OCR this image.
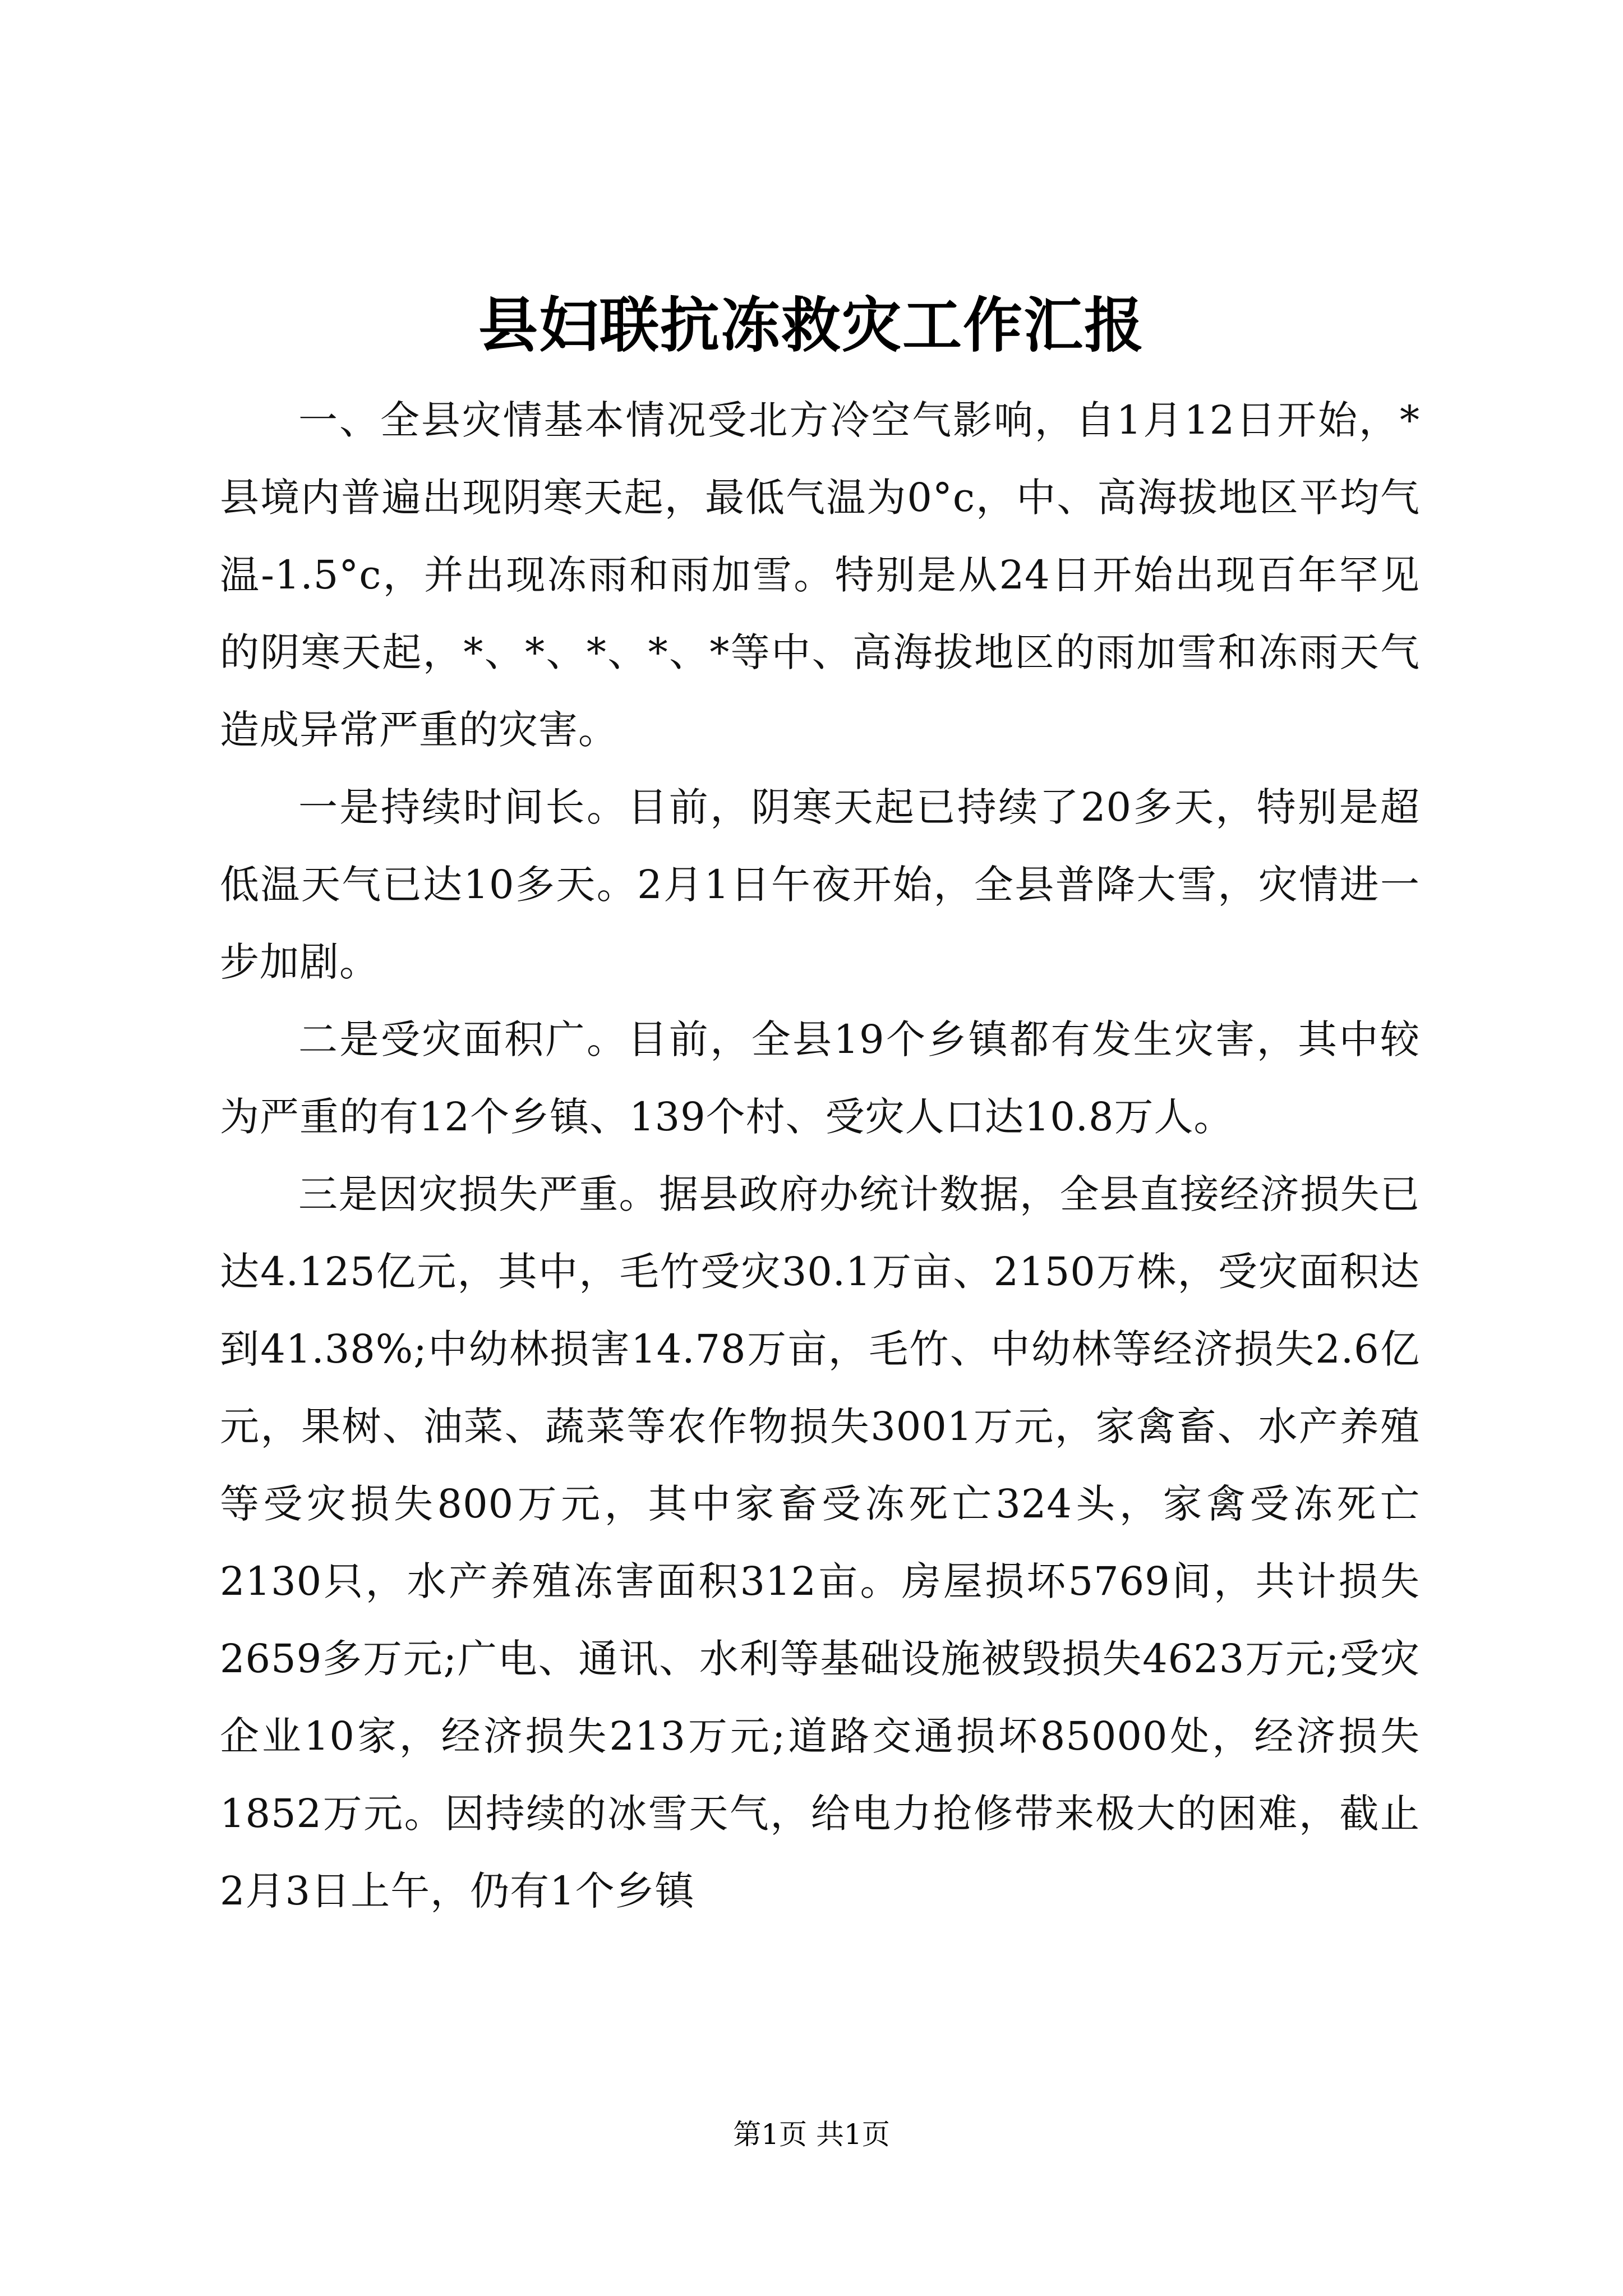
县妇联抗冻救灾工作汇报

一、全县灾情基本情况受北方冷空气影响，自1月12日开始，*县境内普遍出现阴寒天起，最低气温为0°c，中、高海拔地区平均气温-1.5°c，并出现冻雨和雨加雪。特别是从24日开始出现百年罕见的阴寒天起，*、*、*、*、*等中、高海拔地区的雨加雪和冻雨天气造成异常严重的灾害。

一是持续时间长。目前，阴寒天起已持续了20多天，特别是超低温天气已达10多天。2月1日午夜开始，全县普降大雪，灾情进一步加剧。

二是受灾面积广。目前，全县19个乡镇都有发生灾害，其中较为严重的有12个乡镇、139个村、受灾人口达10.8万人。

三是因灾损失严重。据县政府办统计数据，全县直接经济损失已达4.125亿元，其中，毛竹受灾30.1万亩、2150万株，受灾面积达到41.38%;中幼林损害14.78万亩，毛竹、中幼林等经济损失2.6亿元，果树、油菜、蔬菜等农作物损失3001万元，家禽畜、水产养殖等受灾损失800万元，其中家畜受冻死亡324头，家禽受冻死亡2130只，水产养殖冻害面积312亩。房屋损坏5769间，共计损失2659多万元;广电、通讯、水利等基础设施被毁损失4623万元;受灾企业10家，经济损失213万元;道路交通损坏85000处，经济损失1852万元。因持续的冰雪天气，给电力抢修带来极大的困难，截止2月3日上午，仍有1个乡镇

第1页 共1页
